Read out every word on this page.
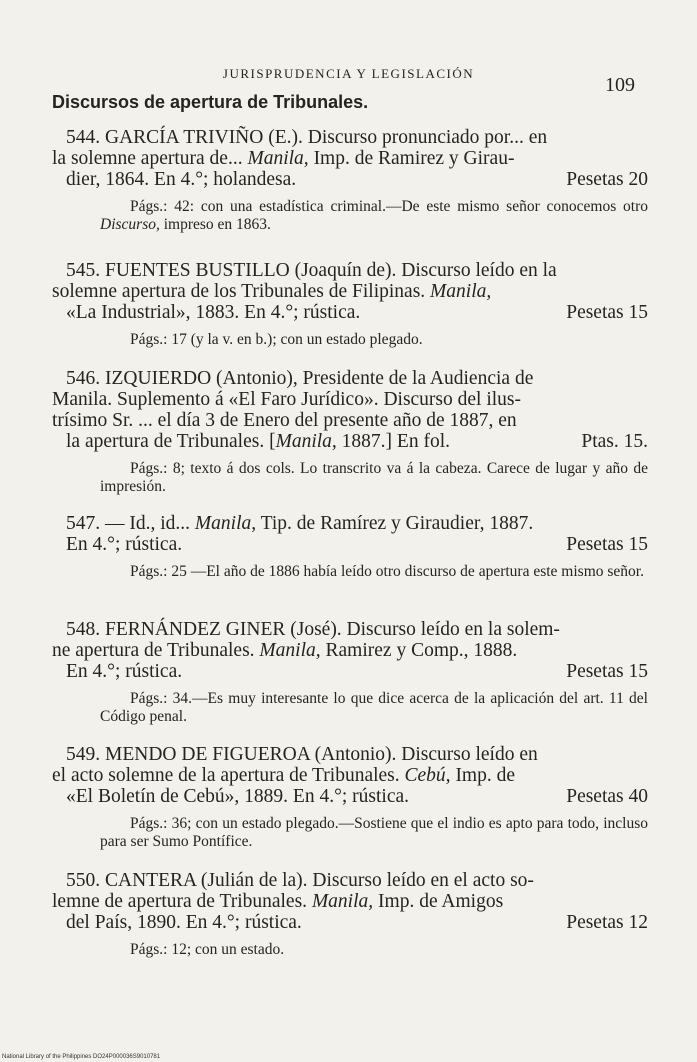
JURISPRUDENCIA Y LEGISLACIÓN
109
Discursos de apertura de Tribunales.

544. GARCÍA TRIVIÑO (E.). Discurso pronunciado por... en
la solemne apertura de... Manila, Imp. de Ramirez y Girau-
dier, 1864. En 4.°; holandesa.	Pesetas 20

Págs.: 42: con una estadística criminal.—De este mismo señor conocemos otro Discurso, impreso en 1863.

545. FUENTES BUSTILLO (Joaquín de). Discurso leído en la
solemne apertura de los Tribunales de Filipinas. Manila,
«La Industrial», 1883. En 4.°; rústica.	Pesetas 15

Págs.: 17 (y la v. en b.); con un estado plegado.

546. IZQUIERDO (Antonio), Presidente de la Audiencia de
Manila. Suplemento á «El Faro Jurídico». Discurso del ilus-
trísimo Sr. ... el día 3 de Enero del presente año de 1887, en
la apertura de Tribunales. [Manila, 1887.] En fol.	Ptas. 15.

Págs.: 8; texto á dos cols. Lo transcrito va á la cabeza. Carece de lugar y año de impresión.

547. — Id., id... Manila, Tip. de Ramírez y Giraudier, 1887.
En 4.°; rústica.	Pesetas 15

Págs.: 25 —El año de 1886 había leído otro discurso de apertura este mismo señor.

548. FERNÁNDEZ GINER (José). Discurso leído en la solem-
ne apertura de Tribunales. Manila, Ramirez y Comp., 1888.
En 4.°; rústica.	Pesetas 15

Págs.: 34.—Es muy interesante lo que dice acerca de la aplicación del art. 11 del Código penal.

549. MENDO DE FIGUEROA (Antonio). Discurso leído en
el acto solemne de la apertura de Tribunales. Cebú, Imp. de
«El Boletín de Cebú», 1889. En 4.°; rústica.	Pesetas 40

Págs.: 36; con un estado plegado.—Sostiene que el indio es apto para todo, incluso para ser Sumo Pontífice.

550. CANTERA (Julián de la). Discurso leído en el acto so-
lemne de apertura de Tribunales. Manila, Imp. de Amigos
del País, 1890. En 4.°; rústica.	Pesetas 12

Págs.: 12; con un estado.

National Library of the Philippines DO24P000036S9010781
